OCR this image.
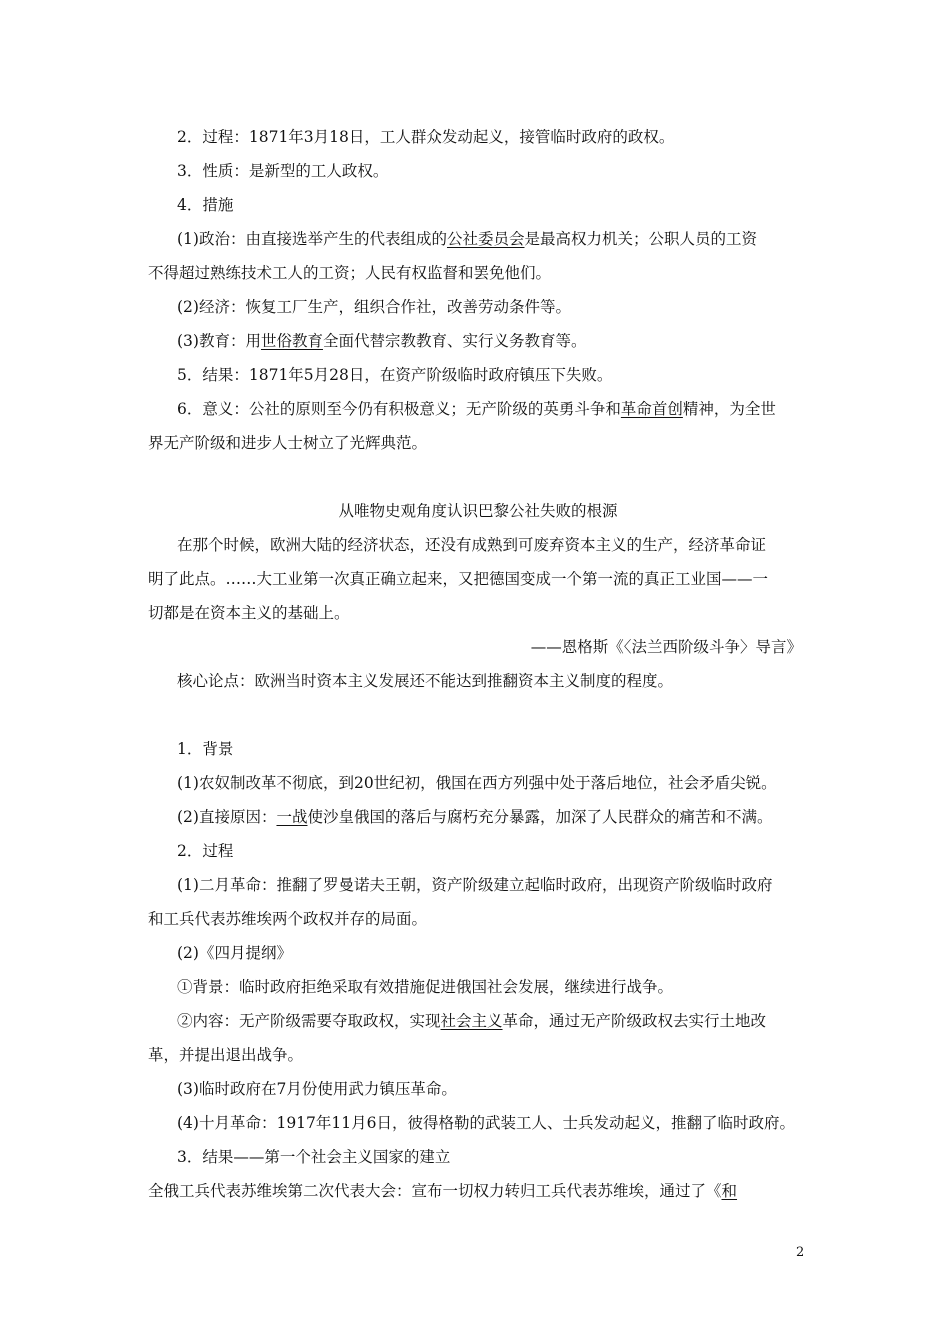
2．过程：1871年3月18日，工人群众发动起义，接管临时政府的政权。
3．性质：是新型的工人政权。
4．措施
(1)政治：由直接选举产生的代表组成的公社委员会是最高权力机关；公职人员的工资
不得超过熟练技术工人的工资；人民有权监督和罢免他们。
(2)经济：恢复工厂生产，组织合作社，改善劳动条件等。
(3)教育：用世俗教育全面代替宗教教育、实行义务教育等。
5．结果：1871年5月28日，在资产阶级临时政府镇压下失败。
6．意义：公社的原则至今仍有积极意义；无产阶级的英勇斗争和革命首创精神，为全世
界无产阶级和进步人士树立了光辉典范。
从唯物史观角度认识巴黎公社失败的根源
在那个时候，欧洲大陆的经济状态，还没有成熟到可废弃资本主义的生产，经济革命证
明了此点。……大工业第一次真正确立起来，又把德国变成一个第一流的真正工业国——一
切都是在资本主义的基础上。
——恩格斯《〈法兰西阶级斗争〉导言》
核心论点：欧洲当时资本主义发展还不能达到推翻资本主义制度的程度。
1．背景
(1)农奴制改革不彻底，到20世纪初，俄国在西方列强中处于落后地位，社会矛盾尖锐。
(2)直接原因：一战使沙皇俄国的落后与腐朽充分暴露，加深了人民群众的痛苦和不满。
2．过程
(1)二月革命：推翻了罗曼诺夫王朝，资产阶级建立起临时政府，出现资产阶级临时政府
和工兵代表苏维埃两个政权并存的局面。
(2)《四月提纲》
①背景：临时政府拒绝采取有效措施促进俄国社会发展，继续进行战争。
②内容：无产阶级需要夺取政权，实现社会主义革命，通过无产阶级政权去实行土地改
革，并提出退出战争。
(3)临时政府在7月份使用武力镇压革命。
(4)十月革命：1917年11月6日，彼得格勒的武装工人、士兵发动起义，推翻了临时政府。
3．结果——第一个社会主义国家的建立
全俄工兵代表苏维埃第二次代表大会：宣布一切权力转归工兵代表苏维埃，通过了《和
2
